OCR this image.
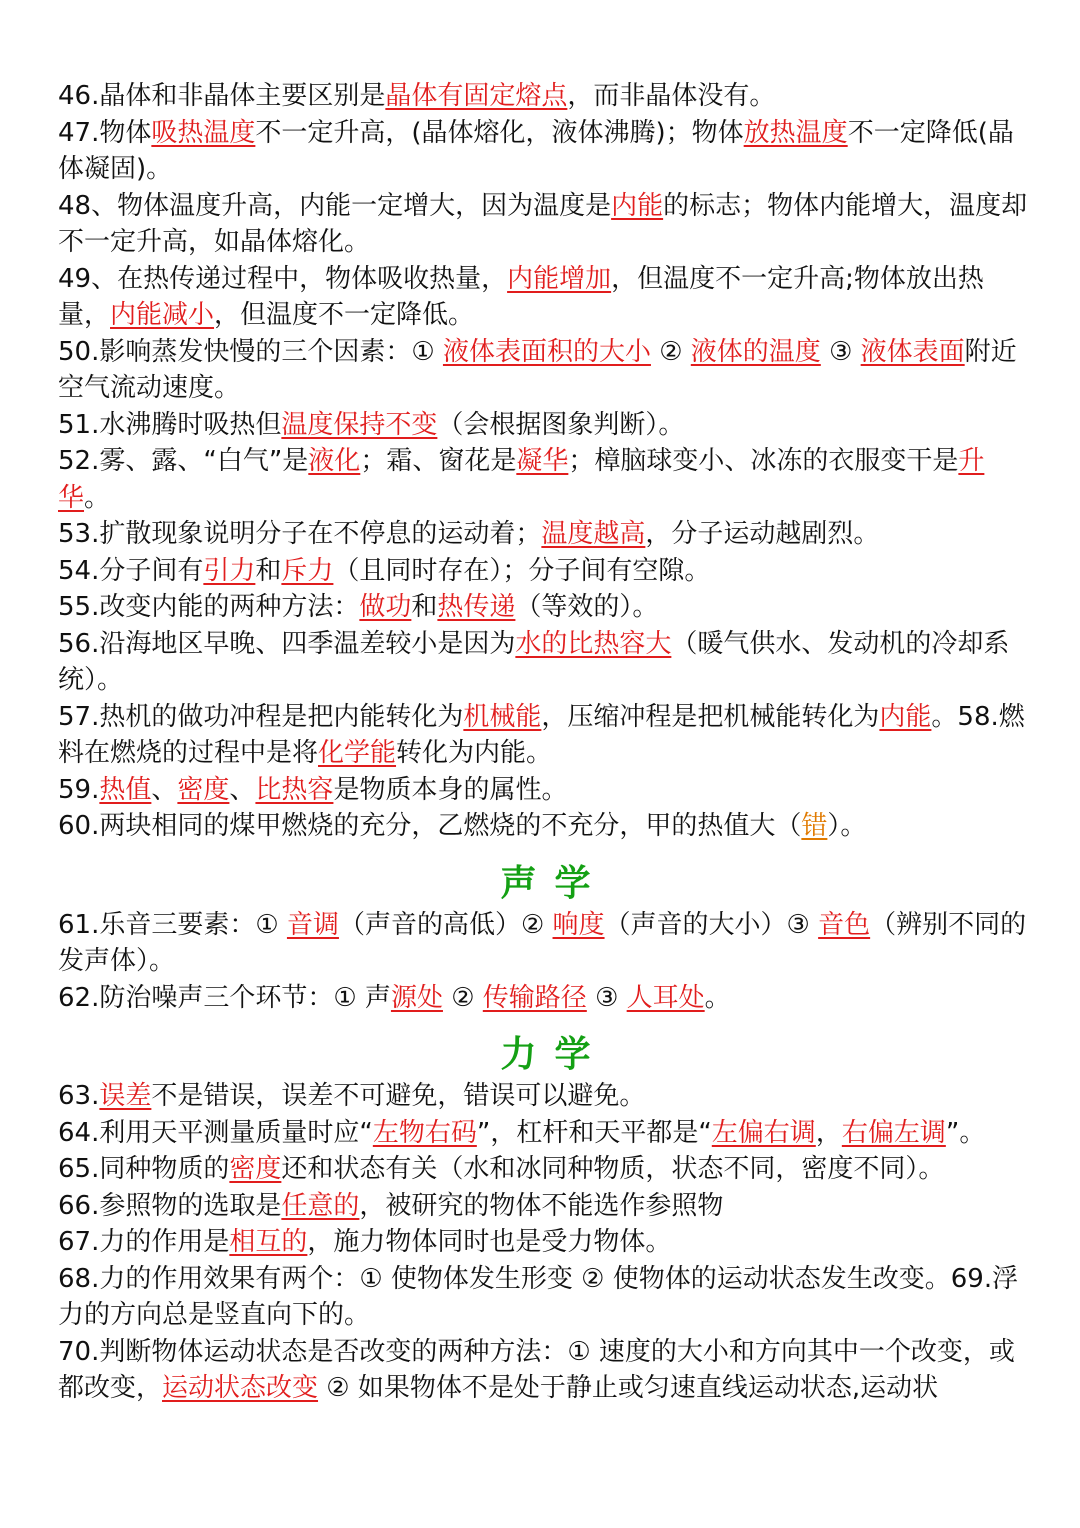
46.晶体和非晶体主要区别是晶体有固定熔点，而非晶体没有。
47.物体吸热温度不一定升高，(晶体熔化，液体沸腾)；物体放热温度不一定降低(晶体凝固)。
48、物体温度升高，内能一定增大，因为温度是内能的标志；物体内能增大，温度却不一定升高，如晶体熔化。
49、在热传递过程中，物体吸收热量，内能增加，但温度不一定升高;物体放出热量，内能减小，但温度不一定降低。
50.影响蒸发快慢的三个因素：① 液体表面积的大小 ② 液体的温度 ③ 液体表面附近空气流动速度。
51.水沸腾时吸热但温度保持不变（会根据图象判断）。
52.雾、露、“白气”是液化；霜、窗花是凝华；樟脑球变小、冰冻的衣服变干是升华。
53.扩散现象说明分子在不停息的运动着；温度越高，分子运动越剧烈。
54.分子间有引力和斥力（且同时存在）；分子间有空隙。
55.改变内能的两种方法：做功和热传递（等效的）。
56.沿海地区早晚、四季温差较小是因为水的比热容大（暖气供水、发动机的冷却系统）。
57.热机的做功冲程是把内能转化为机械能，压缩冲程是把机械能转化为内能。58.燃料在燃烧的过程中是将化学能转化为内能。
59.热值、密度、比热容是物质本身的属性。
60.两块相同的煤甲燃烧的充分，乙燃烧的不充分，甲的热值大（错）。
声学
61.乐音三要素：① 音调（声音的高低）② 响度（声音的大小）③ 音色（辨别不同的发声体）。
62.防治噪声三个环节：① 声源处 ② 传输路径 ③ 人耳处。
力学
63.误差不是错误，误差不可避免，错误可以避免。
64.利用天平测量质量时应“左物右码”，杠杆和天平都是“左偏右调，右偏左调”。
65.同种物质的密度还和状态有关（水和冰同种物质，状态不同，密度不同）。
66.参照物的选取是任意的，被研究的物体不能选作参照物
67.力的作用是相互的，施力物体同时也是受力物体。
68.力的作用效果有两个：① 使物体发生形变 ② 使物体的运动状态发生改变。69.浮力的方向总是竖直向下的。
70.判断物体运动状态是否改变的两种方法：① 速度的大小和方向其中一个改变，或都改变，运动状态改变 ② 如果物体不是处于静止或匀速直线运动状态,运动状
